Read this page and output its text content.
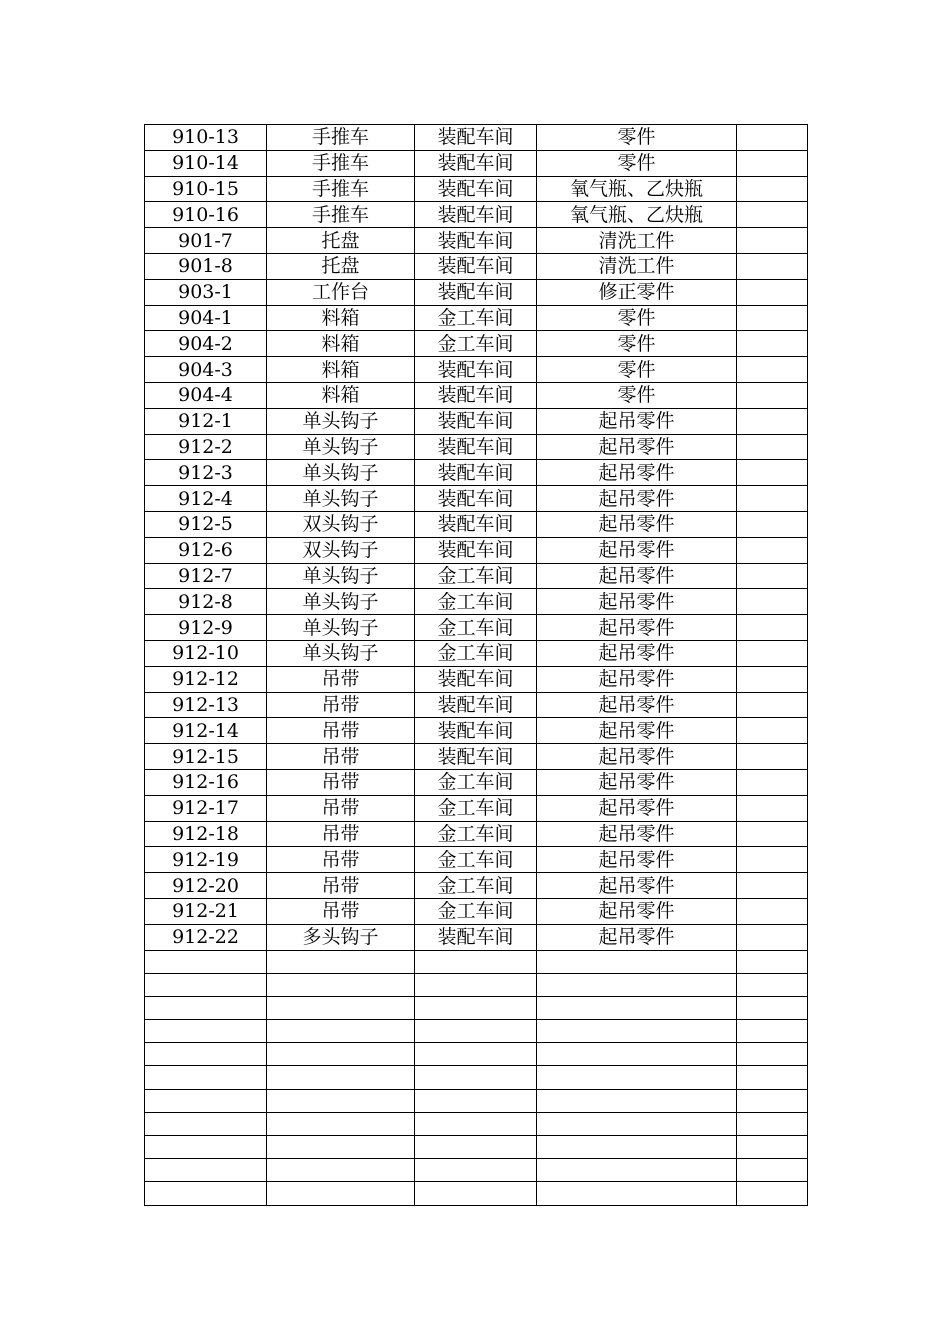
910-13	手推车	装配车间	零件	
910-14	手推车	装配车间	零件	
910-15	手推车	装配车间	氧气瓶、乙炔瓶	
910-16	手推车	装配车间	氧气瓶、乙炔瓶	
901-7	托盘	装配车间	清洗工件	
901-8	托盘	装配车间	清洗工件	
903-1	工作台	装配车间	修正零件	
904-1	料箱	金工车间	零件	
904-2	料箱	金工车间	零件	
904-3	料箱	装配车间	零件	
904-4	料箱	装配车间	零件	
912-1	单头钩子	装配车间	起吊零件	
912-2	单头钩子	装配车间	起吊零件	
912-3	单头钩子	装配车间	起吊零件	
912-4	单头钩子	装配车间	起吊零件	
912-5	双头钩子	装配车间	起吊零件	
912-6	双头钩子	装配车间	起吊零件	
912-7	单头钩子	金工车间	起吊零件	
912-8	单头钩子	金工车间	起吊零件	
912-9	单头钩子	金工车间	起吊零件	
912-10	单头钩子	金工车间	起吊零件	
912-12	吊带	装配车间	起吊零件	
912-13	吊带	装配车间	起吊零件	
912-14	吊带	装配车间	起吊零件	
912-15	吊带	装配车间	起吊零件	
912-16	吊带	金工车间	起吊零件	
912-17	吊带	金工车间	起吊零件	
912-18	吊带	金工车间	起吊零件	
912-19	吊带	金工车间	起吊零件	
912-20	吊带	金工车间	起吊零件	
912-21	吊带	金工车间	起吊零件	
912-22	多头钩子	装配车间	起吊零件	
